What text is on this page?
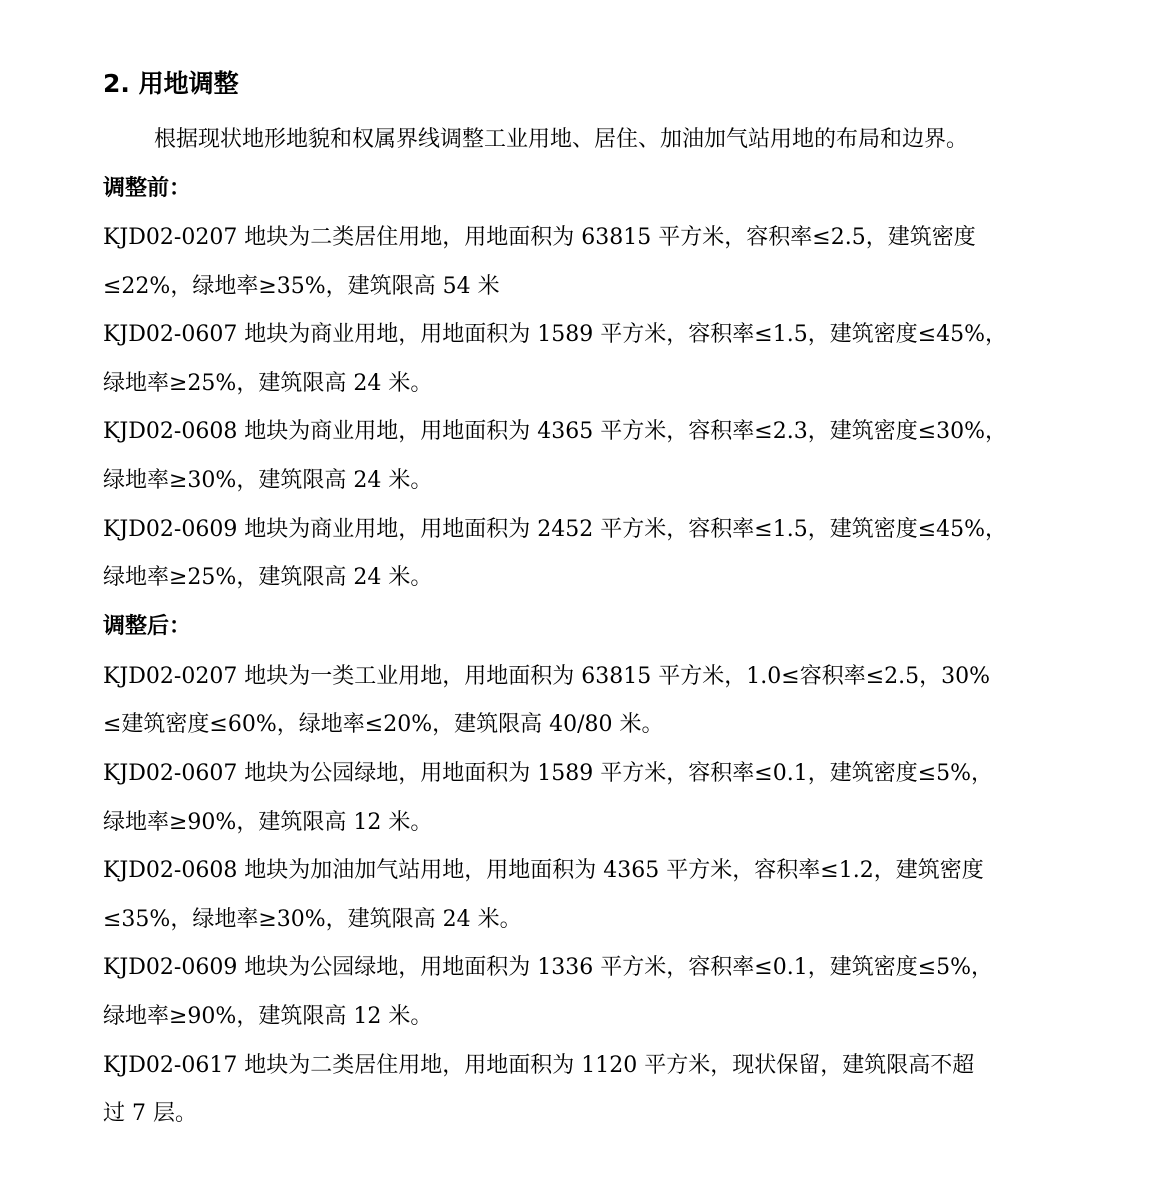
2. 用地调整
根据现状地形地貌和权属界线调整工业用地、居住、加油加气站用地的布局和边界。
调整前：
KJD02-0207 地块为二类居住用地，用地面积为 63815 平方米，容积率≤2.5，建筑密度
≤22%，绿地率≥35%，建筑限高 54 米
KJD02-0607 地块为商业用地，用地面积为 1589 平方米，容积率≤1.5，建筑密度≤45%，
绿地率≥25%，建筑限高 24 米。
KJD02-0608 地块为商业用地，用地面积为 4365 平方米，容积率≤2.3，建筑密度≤30%，
绿地率≥30%，建筑限高 24 米。
KJD02-0609 地块为商业用地，用地面积为 2452 平方米，容积率≤1.5，建筑密度≤45%，
绿地率≥25%，建筑限高 24 米。
调整后：
KJD02-0207 地块为一类工业用地，用地面积为 63815 平方米，1.0≤容积率≤2.5，30%
≤建筑密度≤60%，绿地率≤20%，建筑限高 40/80 米。
KJD02-0607 地块为公园绿地，用地面积为 1589 平方米，容积率≤0.1，建筑密度≤5%，
绿地率≥90%，建筑限高 12 米。
KJD02-0608 地块为加油加气站用地，用地面积为 4365 平方米，容积率≤1.2，建筑密度
≤35%，绿地率≥30%，建筑限高 24 米。
KJD02-0609 地块为公园绿地，用地面积为 1336 平方米，容积率≤0.1，建筑密度≤5%，
绿地率≥90%，建筑限高 12 米。
KJD02-0617 地块为二类居住用地，用地面积为 1120 平方米，现状保留，建筑限高不超
过 7 层。
